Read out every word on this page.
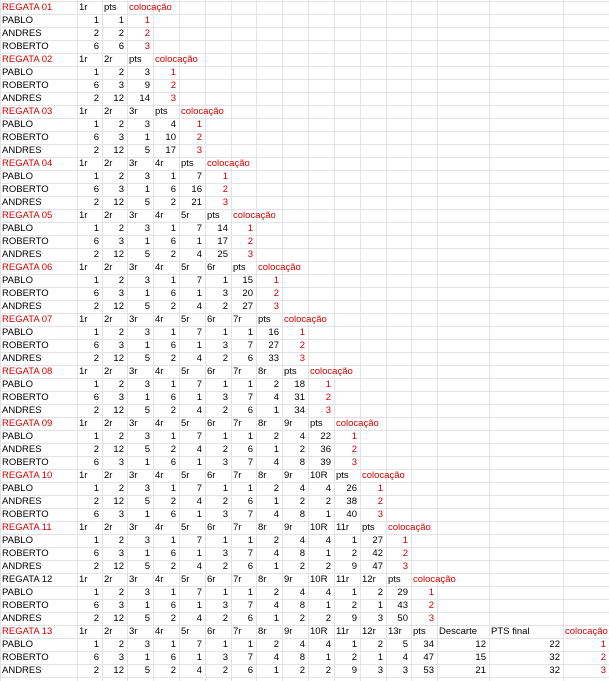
REGATA 01	1r	pts	colocação
PABLO	1	1	1
ANDRES	2	2	2
ROBERTO	6	6	3
REGATA 02	1r	2r	pts	colocação
PABLO	1	2	3	1
ROBERTO	6	3	9	2
ANDRES	2	12	14	3
REGATA 03	1r	2r	3r	pts	colocação
PABLO	1	2	3	4	1
ROBERTO	6	3	1	10	2
ANDRES	2	12	5	17	3
REGATA 04	1r	2r	3r	4r	pts	colocação
PABLO	1	2	3	1	7	1
ROBERTO	6	3	1	6	16	2
ANDRES	2	12	5	2	21	3
REGATA 05	1r	2r	3r	4r	5r	pts	colocação
PABLO	1	2	3	1	7	14	1
ROBERTO	6	3	1	6	1	17	2
ANDRES	2	12	5	2	4	25	3
REGATA 06	1r	2r	3r	4r	5r	6r	pts	colocação
PABLO	1	2	3	1	7	1	15	1
ROBERTO	6	3	1	6	1	3	20	2
ANDRES	2	12	5	2	4	2	27	3
REGATA 07	1r	2r	3r	4r	5r	6r	7r	pts	colocação
PABLO	1	2	3	1	7	1	1	16	1
ROBERTO	6	3	1	6	1	3	7	27	2
ANDRES	2	12	5	2	4	2	6	33	3
REGATA 08	1r	2r	3r	4r	5r	6r	7r	8r	pts	colocação
PABLO	1	2	3	1	7	1	1	2	18	1
ROBERTO	6	3	1	6	1	3	7	4	31	2
ANDRES	2	12	5	2	4	2	6	1	34	3
REGATA 09	1r	2r	3r	4r	5r	6r	7r	8r	9r	pts	colocação
PABLO	1	2	3	1	7	1	1	2	4	22	1
ANDRES	2	12	5	2	4	2	6	1	2	36	2
ROBERTO	6	3	1	6	1	3	7	4	8	39	3
REGATA 10	1r	2r	3r	4r	5r	6r	7r	8r	9r	10R pts	colocação
PABLO	1	2	3	1	7	1	1	2	4	4	26	1
ANDRES	2	12	5	2	4	2	6	1	2	2	38	2
ROBERTO	6	3	1	6	1	3	7	4	8	1	40	3
REGATA 11	1r	2r	3r	4r	5r	6r	7r	8r	9r	10R 11r	pts	colocação
PABLO	1	2	3	1	7	1	1	2	4	4	1	27	1
ROBERTO	6	3	1	6	1	3	7	4	8	1	2	42	2
ANDRES	2	12	5	2	4	2	6	1	2	2	9	47	3
REGATA 12	1r	2r	3r	4r	5r	6r	7r	8r	9r	10R 11r	12r	pts	colocação
PABLO	1	2	3	1	7	1	1	2	4	4	1	2	29	1
ROBERTO	6	3	1	6	1	3	7	4	8	1	2	1	43	2
ANDRES	2	12	5	2	4	2	6	1	2	2	9	3	50	3
REGATA 13	1r	2r	3r	4r	5r	6r	7r	8r	9r	10R 11r	12r	13r	pts	Descarte	PTS final	colocação
PABLO	1	2	3	1	7	1	1	2	4	4	1	2	5	34	12	22	1
ROBERTO	6	3	1	6	1	3	7	4	8	1	2	1	4	47	15	32	2
ANDRES	2	12	5	2	4	2	6	1	2	2	9	3	3	53	21	32	3
